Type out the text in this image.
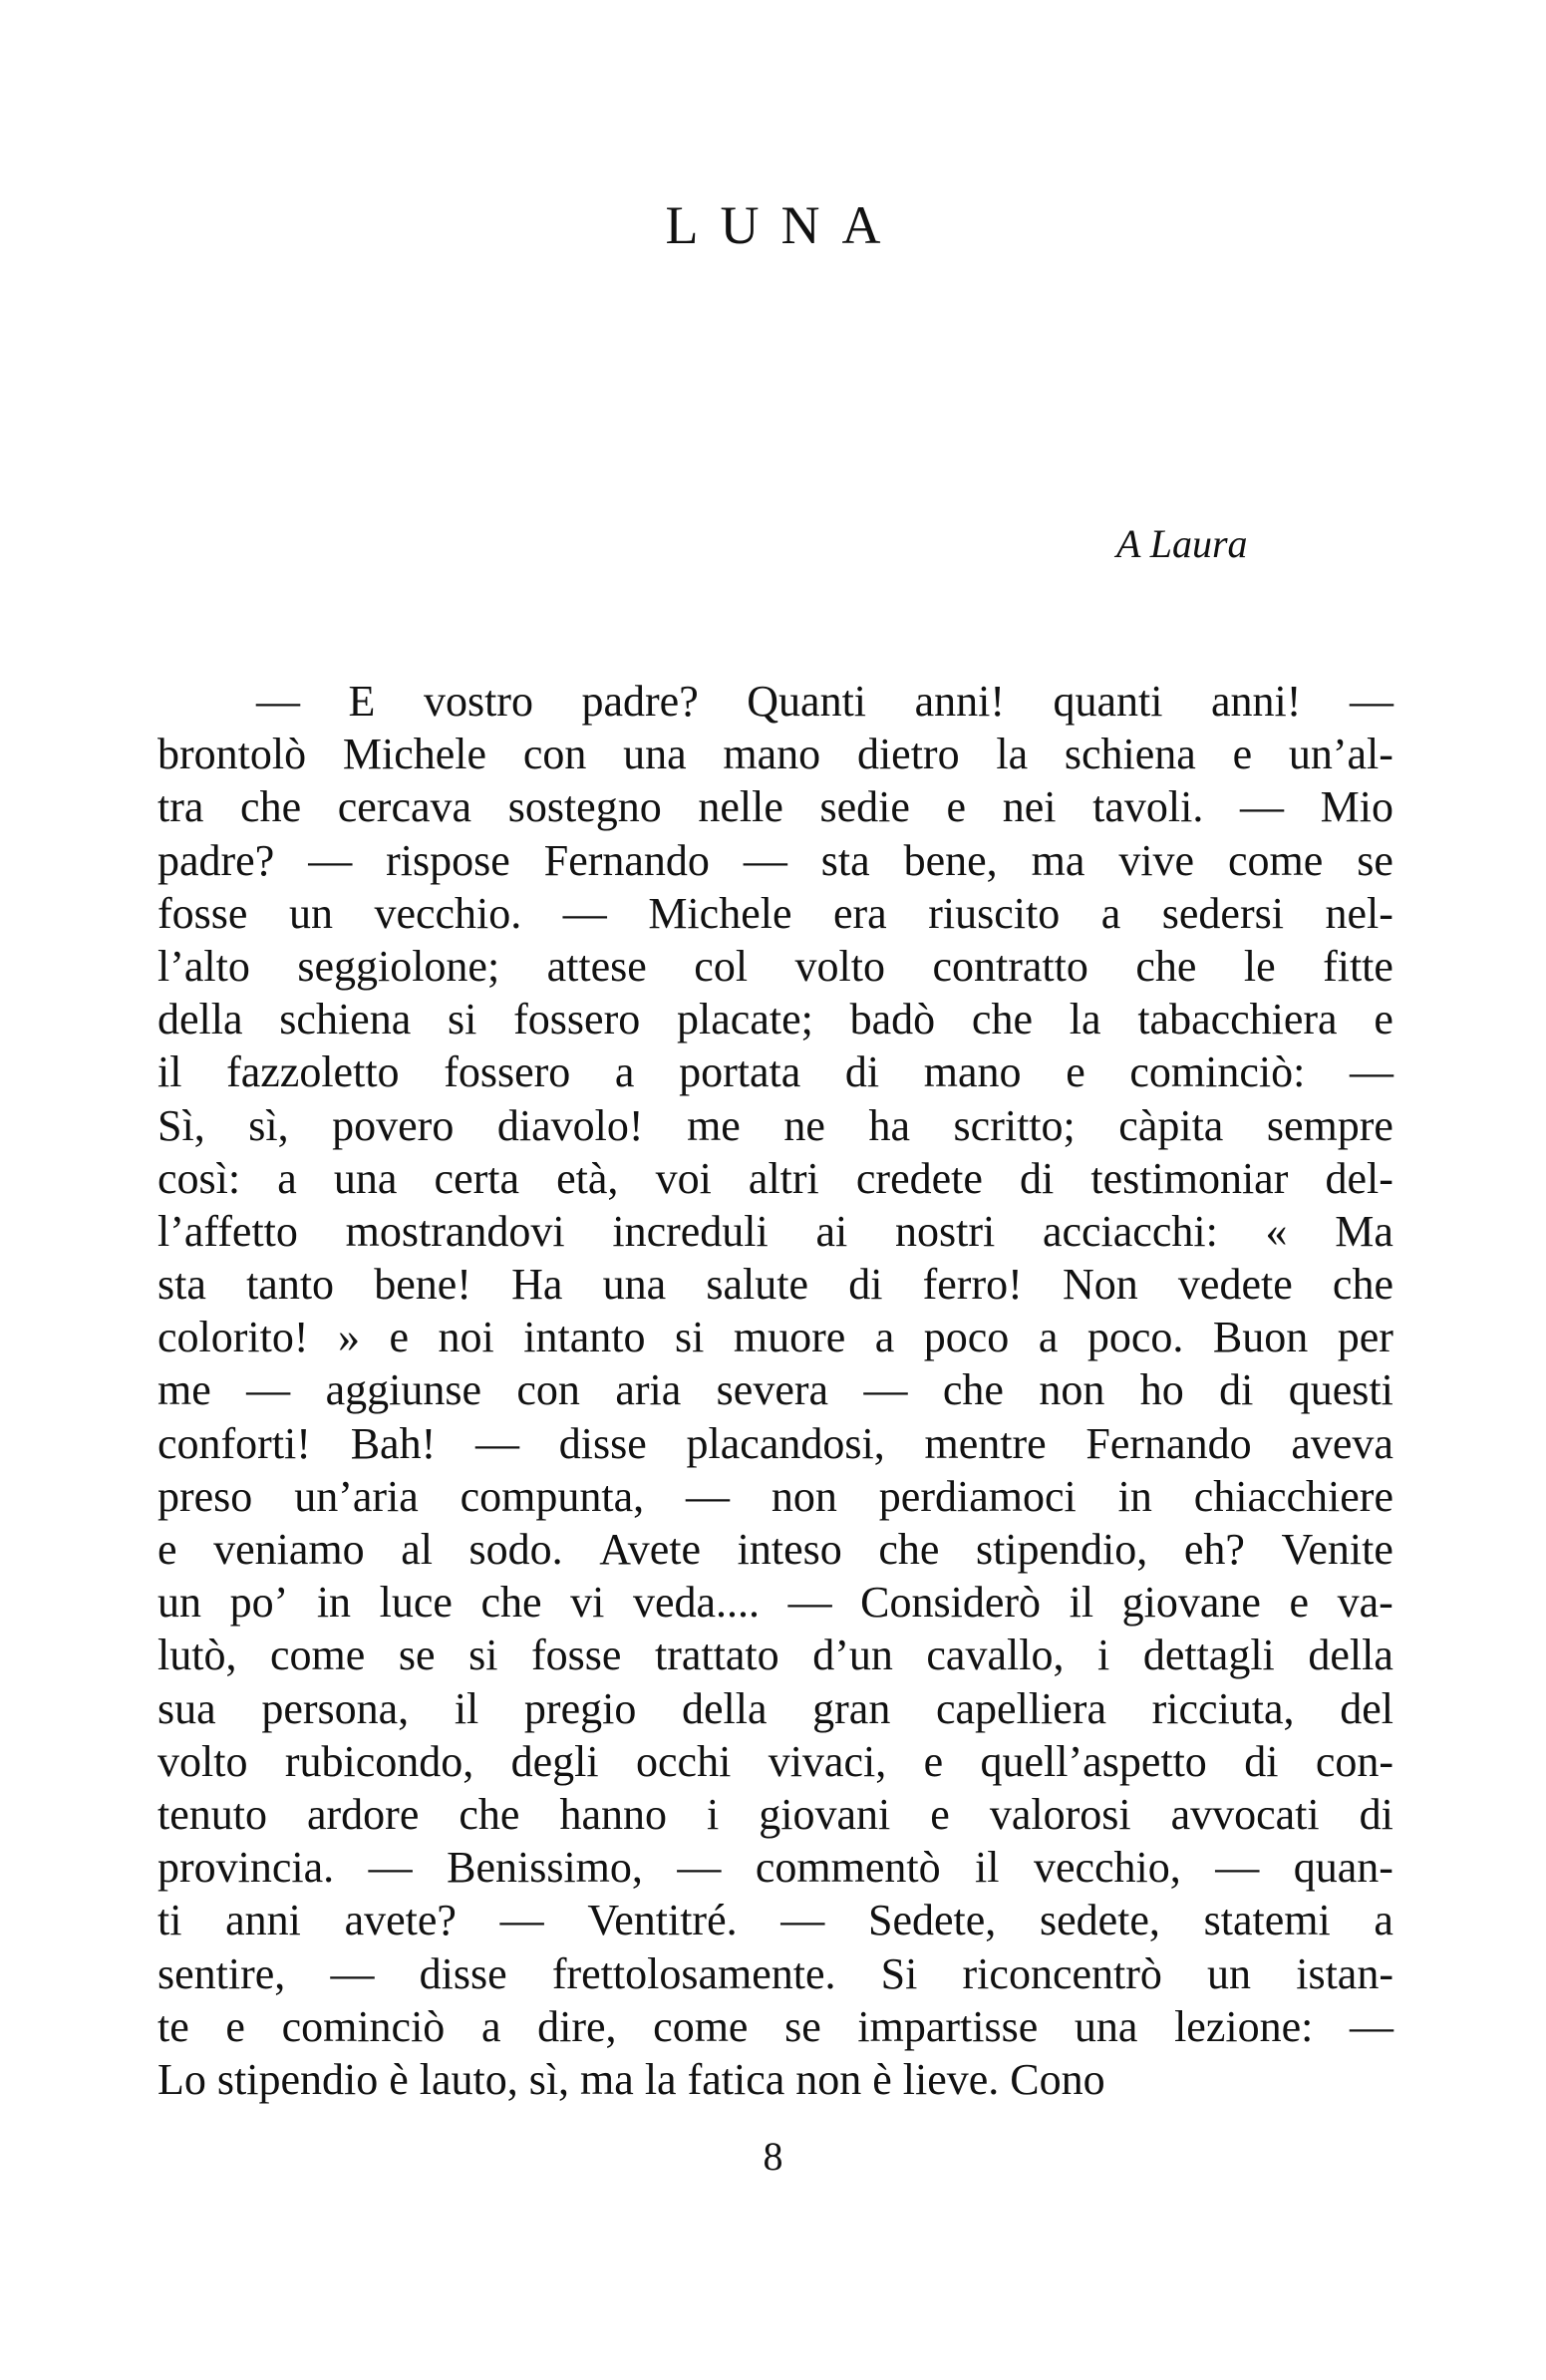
LUNA
A Laura
— E vostro padre? Quanti anni! quanti anni! —
brontolò Michele con una mano dietro la schiena e un’al-
tra che cercava sostegno nelle sedie e nei tavoli. — Mio
padre? — rispose Fernando — sta bene, ma vive come se
fosse un vecchio. — Michele era riuscito a sedersi nel-
l’alto seggiolone; attese col volto contratto che le fitte
della schiena si fossero placate; badò che la tabacchiera e
il fazzoletto fossero a portata di mano e cominciò: —
Sì, sì, povero diavolo! me ne ha scritto; càpita sempre
così: a una certa età, voi altri credete di testimoniar del-
l’affetto mostrandovi increduli ai nostri acciacchi: « Ma
sta tanto bene! Ha una salute di ferro! Non vedete che
colorito! » e noi intanto si muore a poco a poco. Buon per
me — aggiunse con aria severa — che non ho di questi
conforti! Bah! — disse placandosi, mentre Fernando aveva
preso un’aria compunta, — non perdiamoci in chiacchiere
e veniamo al sodo. Avete inteso che stipendio, eh? Venite
un po’ in luce che vi veda.... — Considerò il giovane e va-
lutò, come se si fosse trattato d’un cavallo, i dettagli della
sua persona, il pregio della gran capelliera ricciuta, del
volto rubicondo, degli occhi vivaci, e quell’aspetto di con-
tenuto ardore che hanno i giovani e valorosi avvocati di
provincia. — Benissimo, — commentò il vecchio, — quan-
ti anni avete? — Ventitré. — Sedete, sedete, statemi a
sentire, — disse frettolosamente. Si riconcentrò un istan-
te e cominciò a dire, come se impartisse una lezione: —
Lo stipendio è lauto, sì, ma la fatica non è lieve. Cono
8
